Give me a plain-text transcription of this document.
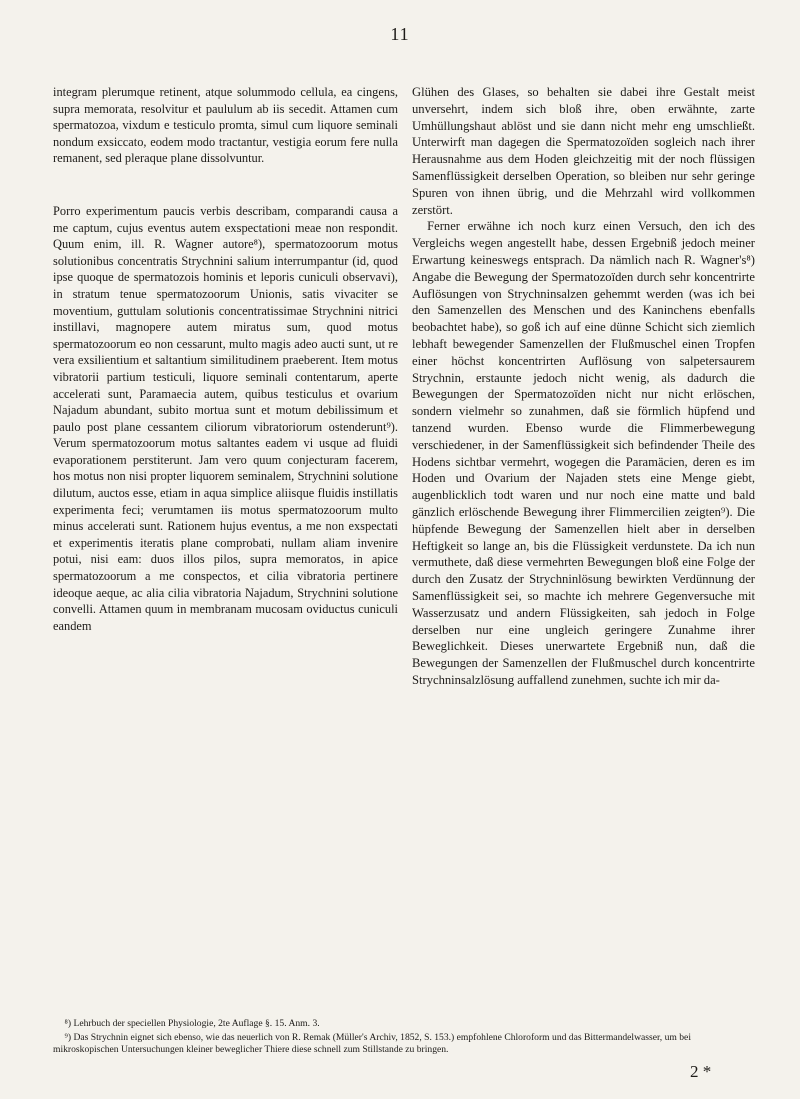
11

integram plerumque retinent, atque solummodo cellula, ea cingens, supra memorata, resolvitur et paululum ab iis secedit. Attamen cum spermatozoa, vixdum e testiculo promta, simul cum liquore seminali nondum exsiccato, eodem modo tractantur, vestigia eorum fere nulla remanent, sed pleraque plane dissolvuntur.

Porro experimentum paucis verbis describam, comparandi causa a me captum, cujus eventus autem exspectationi meae non respondit. Quum enim, ill. R. Wagner autore⁸), spermatozoorum motus solutionibus concentratis Strychnini salium interrumpantur (id, quod ipse quoque de spermatozois hominis et leporis cuniculi observavi), in stratum tenue spermatozoorum Unionis, satis vivaciter se moventium, guttulam solutionis concentratissimae Strychnini nitrici instillavi, magnopere autem miratus sum, quod motus spermatozoorum eo non cessarunt, multo magis adeo aucti sunt, ut re vera exsilientium et saltantium similitudinem praeberent. Item motus vibratorii partium testiculi, liquore seminali contentarum, aperte accelerati sunt, Paramaecia autem, quibus testiculus et ovarium Najadum abundant, subito mortua sunt et motum debilissimum et paulo post plane cessantem ciliorum vibratoriorum ostenderunt⁹). Verum spermatozoorum motus saltantes eadem vi usque ad fluidi evaporationem perstiterunt. Jam vero quum conjecturam facerem, hos motus non nisi propter liquorem seminalem, Strychnini solutione dilutum, auctos esse, etiam in aqua simplice aliisque fluidis instillatis experimenta feci; verumtamen iis motus spermatozoorum multo minus accelerati sunt. Rationem hujus eventus, a me non exspectati et experimentis iteratis plane comprobati, nullam aliam invenire potui, nisi eam: duos illos pilos, supra memoratos, in apice spermatozoorum a me conspectos, et cilia vibratoria pertinere ideoque aeque, ac alia cilia vibratoria Najadum, Strychnini solutione convelli. Attamen quum in membranam mucosam oviductus cuniculi eandem

Glühen des Glases, so behalten sie dabei ihre Gestalt meist unversehrt, indem sich bloß ihre, oben erwähnte, zarte Umhüllungshaut ablöst und sie dann nicht mehr eng umschließt. Unterwirft man dagegen die Spermatozoïden sogleich nach ihrer Herausnahme aus dem Hoden gleichzeitig mit der noch flüssigen Samenflüssigkeit derselben Operation, so bleiben nur sehr geringe Spuren von ihnen übrig, und die Mehrzahl wird vollkommen zerstört.

Ferner erwähne ich noch kurz einen Versuch, den ich des Vergleichs wegen angestellt habe, dessen Ergebniß jedoch meiner Erwartung keineswegs entsprach. Da nämlich nach R. Wagner's⁸) Angabe die Bewegung der Spermatozoïden durch sehr koncentrirte Auflösungen von Strychninsalzen gehemmt werden (was ich bei den Samenzellen des Menschen und des Kaninchens ebenfalls beobachtet habe), so goß ich auf eine dünne Schicht sich ziemlich lebhaft bewegender Samenzellen der Flußmuschel einen Tropfen einer höchst koncentrirten Auflösung von salpetersaurem Strychnin, erstaunte jedoch nicht wenig, als dadurch die Bewegungen der Spermatozoïden nicht nur nicht erlöschen, sondern vielmehr so zunahmen, daß sie förmlich hüpfend und tanzend wurden. Ebenso wurde die Flimmerbewegung verschiedener, in der Samenflüssigkeit sich befindender Theile des Hodens sichtbar vermehrt, wogegen die Paramäcien, deren es im Hoden und Ovarium der Najaden stets eine Menge giebt, augenblicklich todt waren und nur noch eine matte und bald gänzlich erlöschende Bewegung ihrer Flimmercilien zeigten⁹). Die hüpfende Bewegung der Samenzellen hielt aber in derselben Heftigkeit so lange an, bis die Flüssigkeit verdunstete. Da ich nun vermuthete, daß diese vermehrten Bewegungen bloß eine Folge der durch den Zusatz der Strychninlösung bewirkten Verdünnung der Samenflüssigkeit sei, so machte ich mehrere Gegenversuche mit Wasserzusatz und andern Flüssigkeiten, sah jedoch in Folge derselben nur eine ungleich geringere Zunahme ihrer Beweglichkeit. Dieses unerwartete Ergebniß nun, daß die Bewegungen der Samenzellen der Flußmuschel durch koncentrirte Strychninsalzlösung auffallend zunehmen, suchte ich mir da-

⁸) Lehrbuch der speciellen Physiologie, 2te Auflage §. 15. Anm. 3.

⁹) Das Strychnin eignet sich ebenso, wie das neuerlich von R. Remak (Müller's Archiv, 1852, S. 153.) empfohlene Chloroform und das Bittermandelwasser, um bei mikroskopischen Untersuchungen kleiner beweglicher Thiere diese schnell zum Stillstande zu bringen.

2 *
